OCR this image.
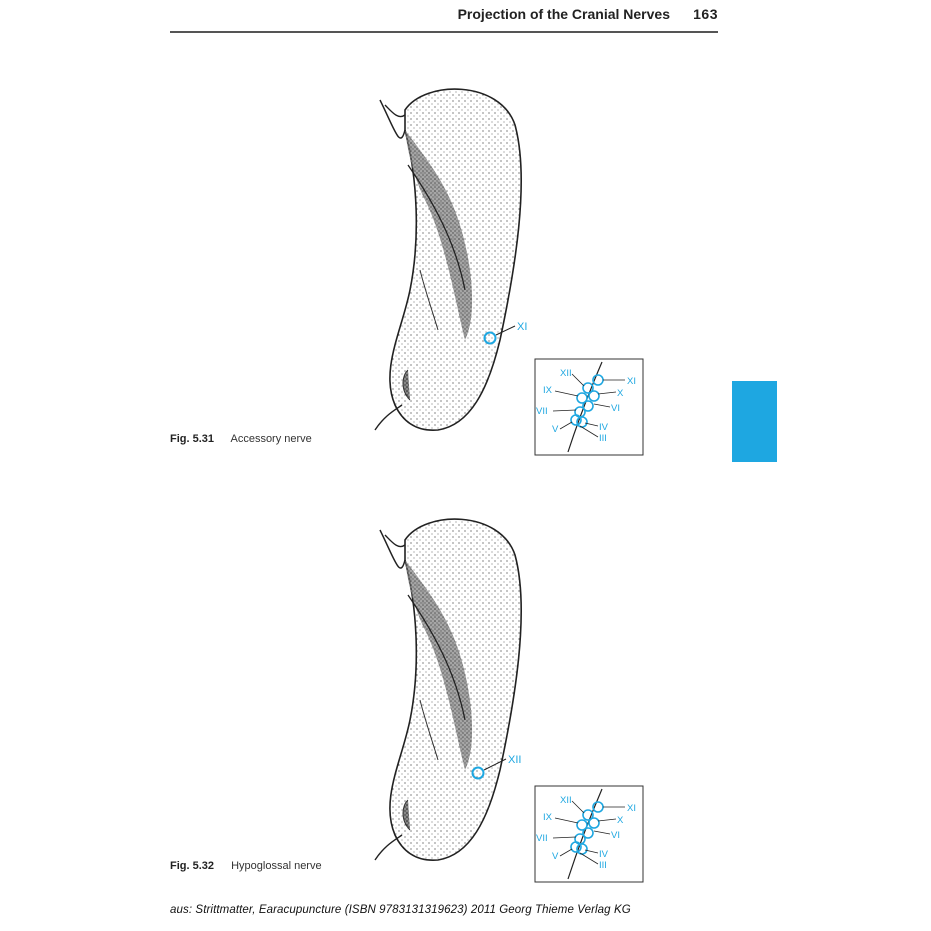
Projection of the Cranial Nerves 163
XI
XII
IX
VII
V
XI
X
VI
IV
III
Fig. 5.31 Accessory nerve
XII
XII
IX
VII
V
XI
X
VI
IV
III
Fig. 5.32 Hypoglossal nerve
aus: Strittmatter, Earacupuncture (ISBN 9783131319623) 2011 Georg Thieme Verlag KG
